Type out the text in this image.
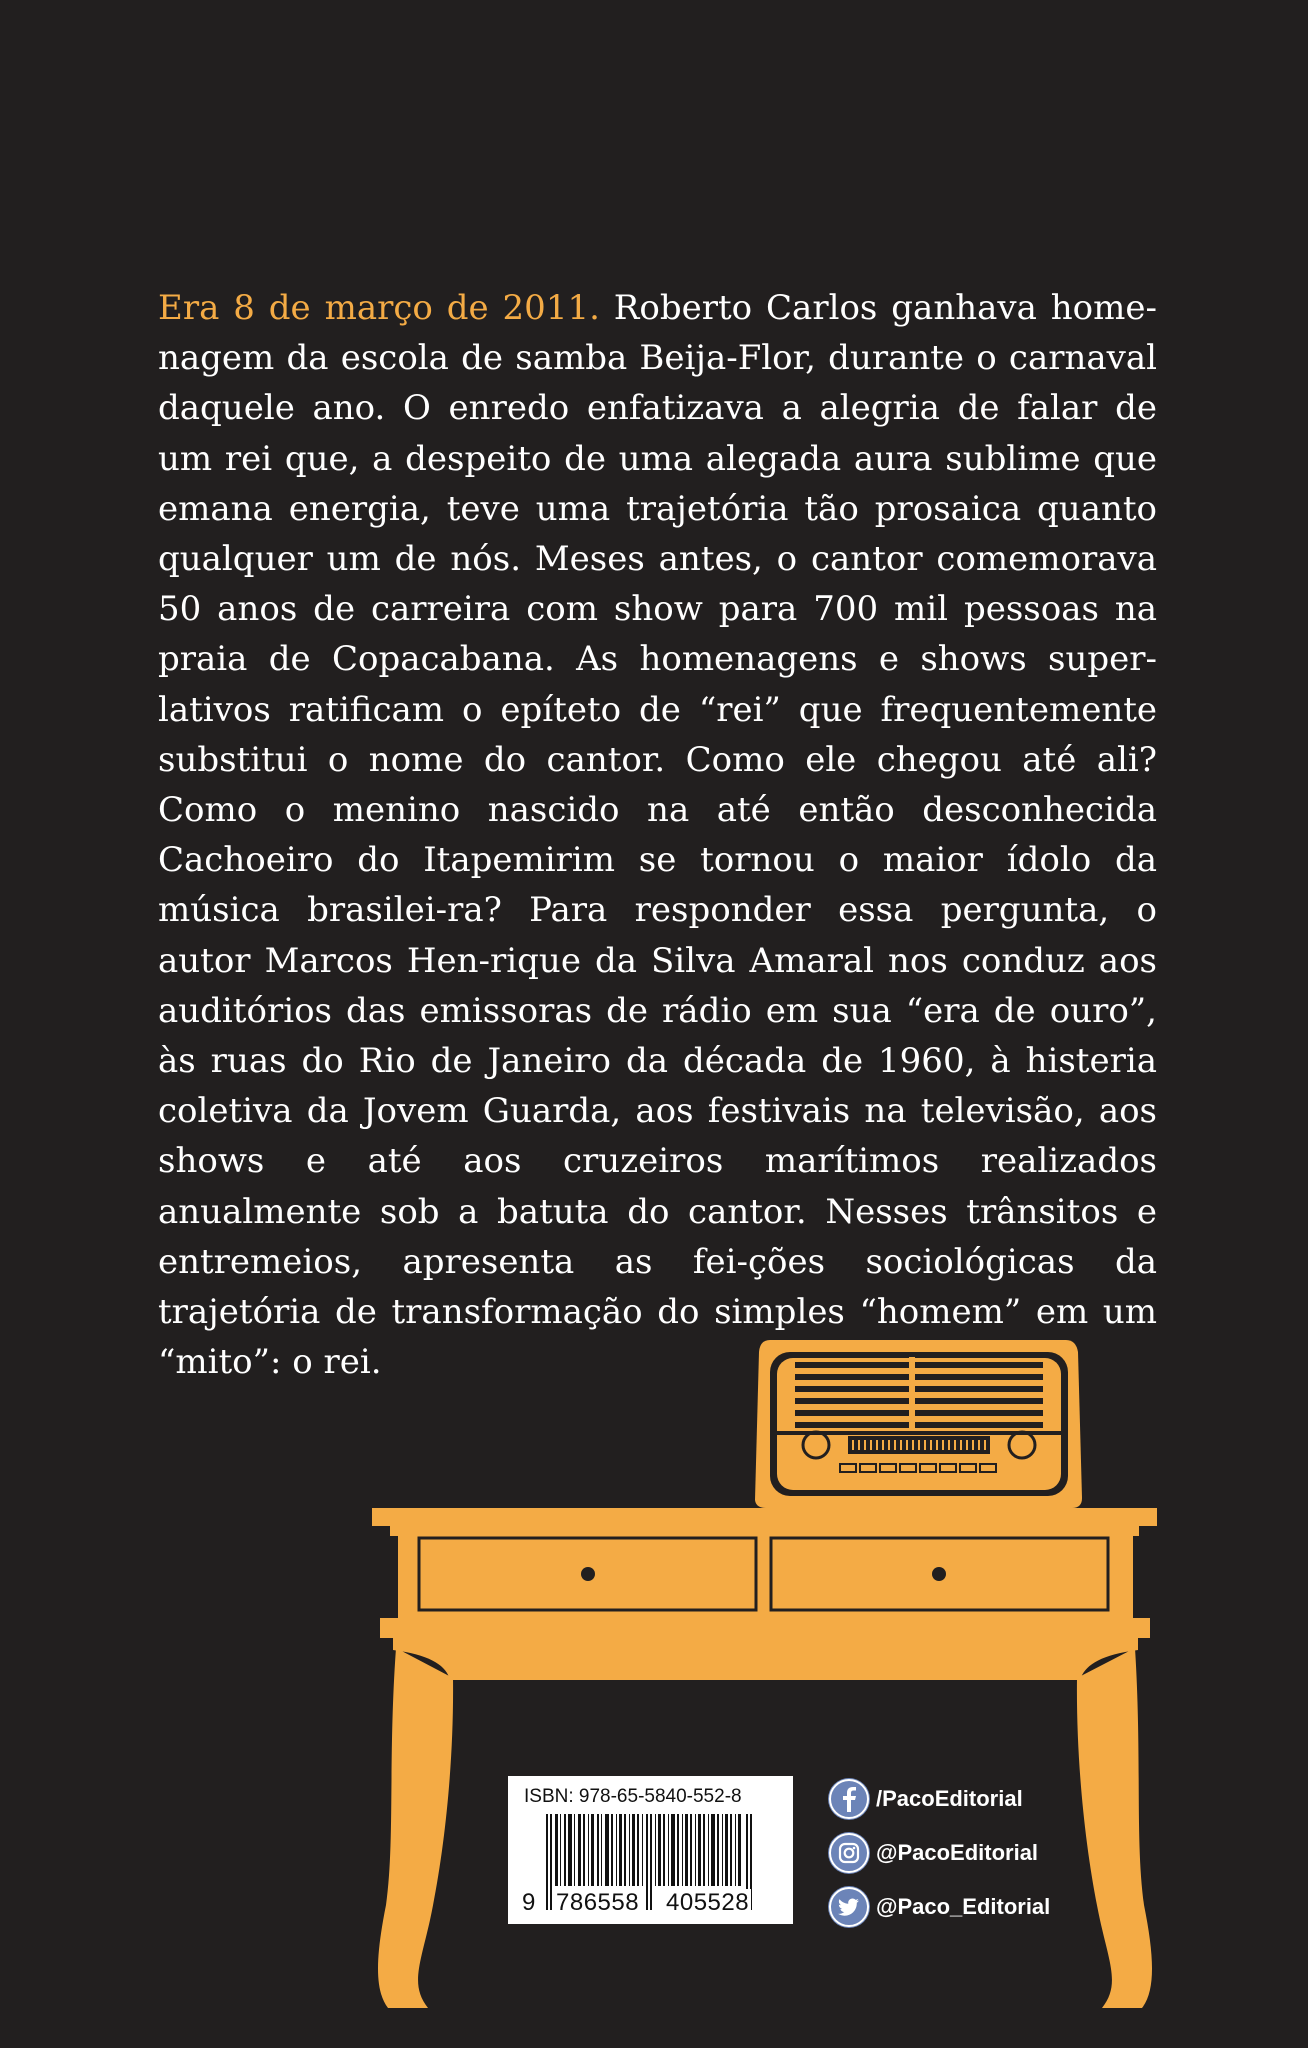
Era 8 de março de 2011. Roberto Carlos ganhava home- nagem da escola de samba Beija-Flor, durante o carnaval daquele ano. O enredo enfatizava a alegria de falar de um rei que, a despeito de uma alegada aura sublime que emana energia, teve uma trajetória tão prosaica quanto qualquer um de nós. Meses antes, o cantor comemorava 50 anos de carreira com show para 700 mil pessoas na praia de Copacabana. As homenagens e shows super-lativos ratificam o epíteto de “rei” que frequentemente substitui o nome do cantor. Como ele chegou até ali? Como o menino nascido na até então desconhecida Cachoeiro do Itapemirim se tornou o maior ídolo da música brasilei-ra? Para responder essa pergunta, o autor Marcos Hen-rique da Silva Amaral nos conduz aos auditórios das emissoras de rádio em sua “era de ouro”, às ruas do Rio de Janeiro da década de 1960, à histeria coletiva da Jovem Guarda, aos festivais na televisão, aos shows e até aos cruzeiros marítimos realizados anualmente sob a batuta do cantor. Nesses trânsitos e entremeios, apresenta as fei-ções sociológicas da trajetória de transformação do simples “homem” em um “mito”: o rei.

ISBN: 978-65-5840-552-8
9 786558 405528
/PacoEditorial
@PacoEditorial
@Paco_Editorial
